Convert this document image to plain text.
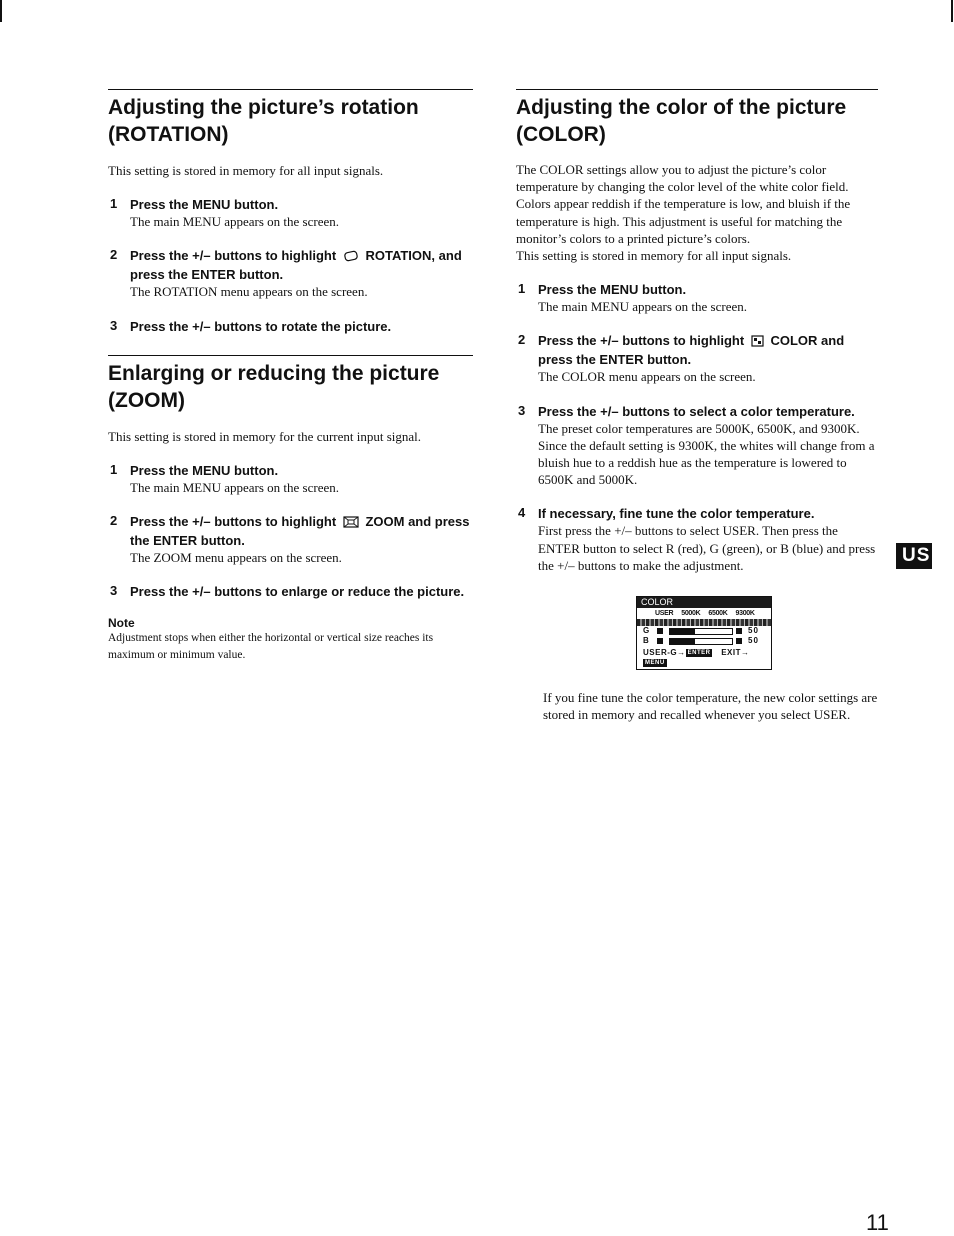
Adjusting the picture’s rotation
(ROTATION)

This setting is stored in memory for all input signals.

1 Press the MENU button.

The main MENU appears on the screen.

2 Press the +/– buttons to highlight ROTATION, and press the ENTER button.

The ROTATION menu appears on the screen.

3 Press the +/– buttons to rotate the picture.

Enlarging or reducing the picture
(ZOOM)

This setting is stored in memory for the current input signal.

1 Press the MENU button.

The main MENU appears on the screen.

2 Press the +/– buttons to highlight ZOOM and press the ENTER button.

The ZOOM menu appears on the screen.

3 Press the +/– buttons to enlarge or reduce the picture.

Note

Adjustment stops when either the horizontal or vertical size reaches its maximum or minimum value.

Adjusting the color of the picture
(COLOR)

The COLOR settings allow you to adjust the picture’s color temperature by changing the color level of the white color field. Colors appear reddish if the temperature is low, and bluish if the temperature is high. This adjustment is useful for matching the monitor’s colors to a printed picture’s colors.

This setting is stored in memory for all input signals.

1 Press the MENU button.

The main MENU appears on the screen.

2 Press the +/– buttons to highlight COLOR and press the ENTER button.

The COLOR menu appears on the screen.

3 Press the +/– buttons to select a color temperature.

The preset color temperatures are 5000K, 6500K, and 9300K. Since the default setting is 9300K, the whites will change from a bluish hue to a reddish hue as the temperature is lowered to 6500K and 5000K.

4 If necessary, fine tune the color temperature.

First press the +/– buttons to select USER. Then press the ENTER button to select R (red), G (green), or B (blue) and press the +/– buttons to make the adjustment.

COLOR
USER 5000K 6500K 9300K
G	50
B	50
USER-G→ ENTER EXIT→MENU

If you fine tune the color temperature, the new color settings are stored in memory and recalled whenever you select USER.

US
11
